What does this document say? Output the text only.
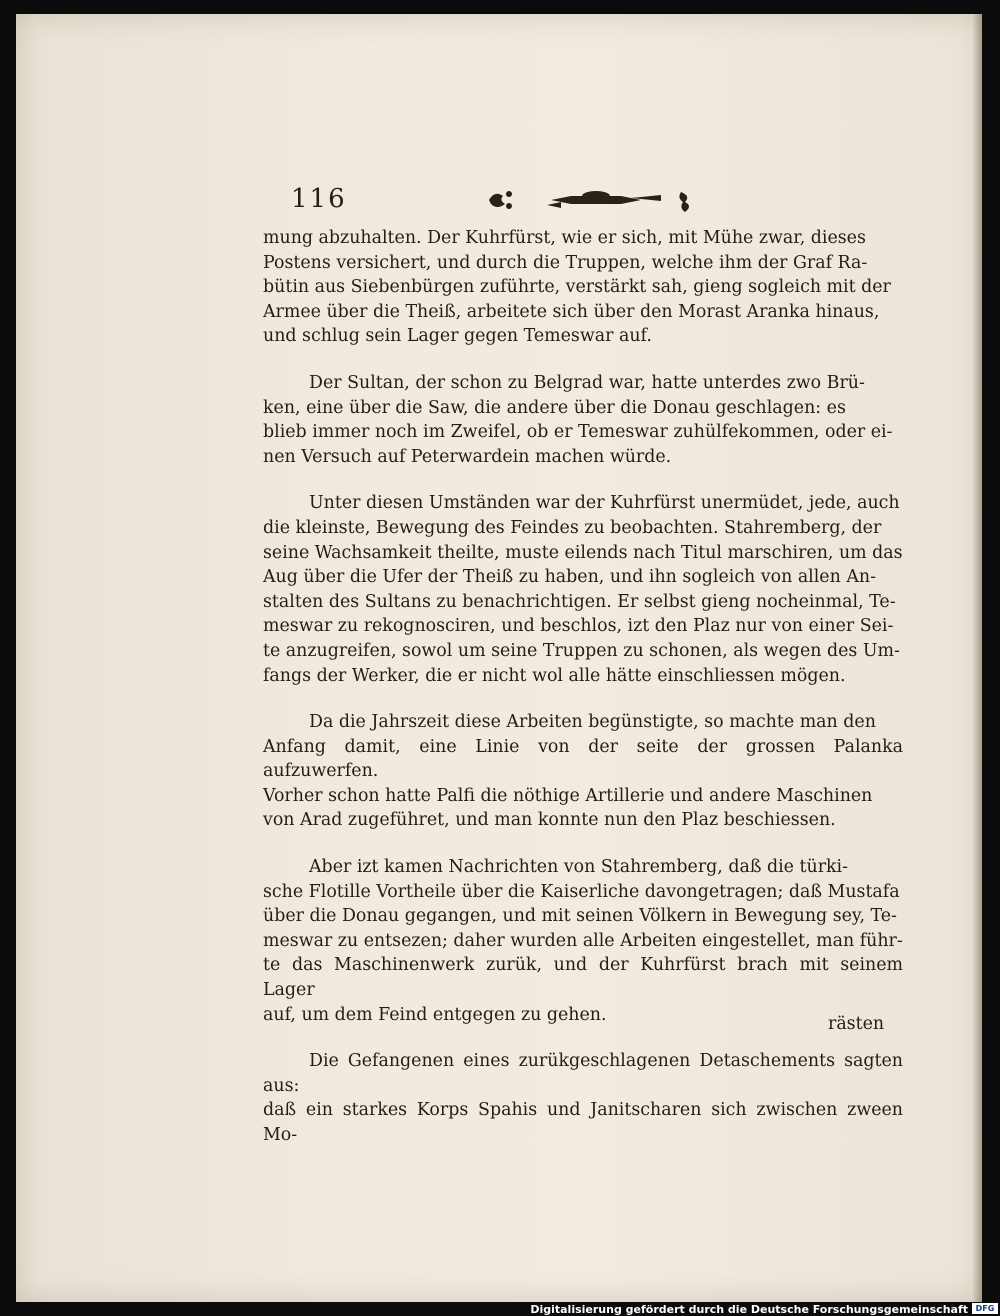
116

mung abzuhalten. Der Kuhrfürst, wie er sich, mit Mühe zwar, dieses
Postens versichert, und durch die Truppen, welche ihm der Graf Ra-
bütin aus Siebenbürgen zuführte, verstärkt sah, gieng sogleich mit der
Armee über die Theiß, arbeitete sich über den Morast Aranka hinaus,
und schlug sein Lager gegen Temeswar auf.

Der Sultan, der schon zu Belgrad war, hatte unterdes zwo Brü-
ken, eine über die Saw, die andere über die Donau geschlagen: es
blieb immer noch im Zweifel, ob er Temeswar zuhülfekommen, oder ei-
nen Versuch auf Peterwardein machen würde.

Unter diesen Umständen war der Kuhrfürst unermüdet, jede, auch
die kleinste, Bewegung des Feindes zu beobachten. Stahremberg, der
seine Wachsamkeit theilte, muste eilends nach Titul marschiren, um das
Aug über die Ufer der Theiß zu haben, und ihn sogleich von allen An-
stalten des Sultans zu benachrichtigen. Er selbst gieng nocheinmal, Te-
meswar zu rekognosciren, und beschlos, izt den Plaz nur von einer Sei-
te anzugreifen, sowol um seine Truppen zu schonen, als wegen des Um-
fangs der Werker, die er nicht wol alle hätte einschliessen mögen.

Da die Jahrszeit diese Arbeiten begünstigte, so machte man den
Anfang damit, eine Linie von der seite der grossen Palanka aufzuwerfen.
Vorher schon hatte Palfi die nöthige Artillerie und andere Maschinen
von Arad zugeführet, und man konnte nun den Plaz beschiessen.

Aber izt kamen Nachrichten von Stahremberg, daß die türki-
sche Flotille Vortheile über die Kaiserliche davongetragen; daß Mustafa
über die Donau gegangen, und mit seinen Völkern in Bewegung sey, Te-
meswar zu entsezen; daher wurden alle Arbeiten eingestellet, man führ-
te das Maschinenwerk zurük, und der Kuhrfürst brach mit seinem Lager
auf, um dem Feind entgegen zu gehen.

Die Gefangenen eines zurükgeschlagenen Detaschements sagten aus:
daß ein starkes Korps Spahis und Janitscharen sich zwischen zween Mo-

rästen
Digitalisierung gefördert durch die Deutsche Forschungsgemeinschaft DFG
